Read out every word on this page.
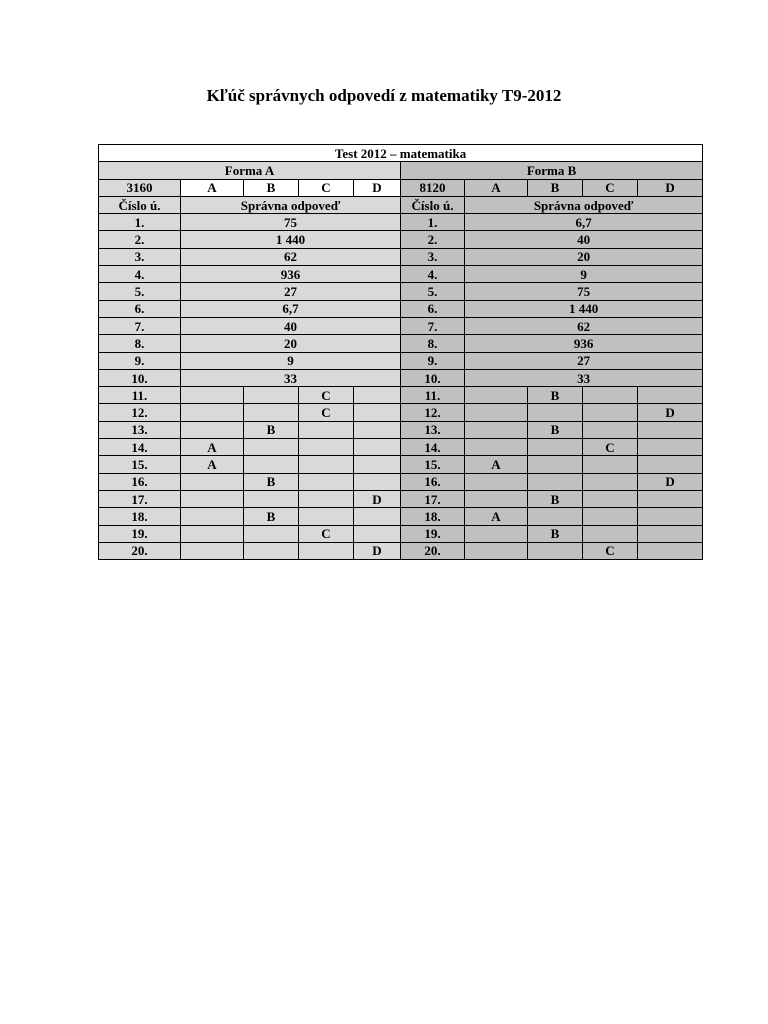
Kľúč správnych odpovedí z matematiky T9-2012
Test 2012 – matematika									
Forma A					Forma B				
3160	A	B	C	D	8120	A	B	C	D
Číslo ú.	Správna odpoveď				Číslo ú.	Správna odpoveď			
1.	75				1.	6,7			
2.	1 440				2.	40			
3.	62				3.	20			
4.	936				4.	9			
5.	27				5.	75			
6.	6,7				6.	1 440			
7.	40				7.	62			
8.	20				8.	936			
9.	9				9.	27			
10.	33				10.	33			
11.			C		11.		B		
12.			C		12.				D
13.		B			13.		B		
14.	A				14.			C	
15.	A				15.	A			
16.		B			16.				D
17.				D	17.		B		
18.		B			18.	A			
19.			C		19.		B		
20.				D	20.			C	
